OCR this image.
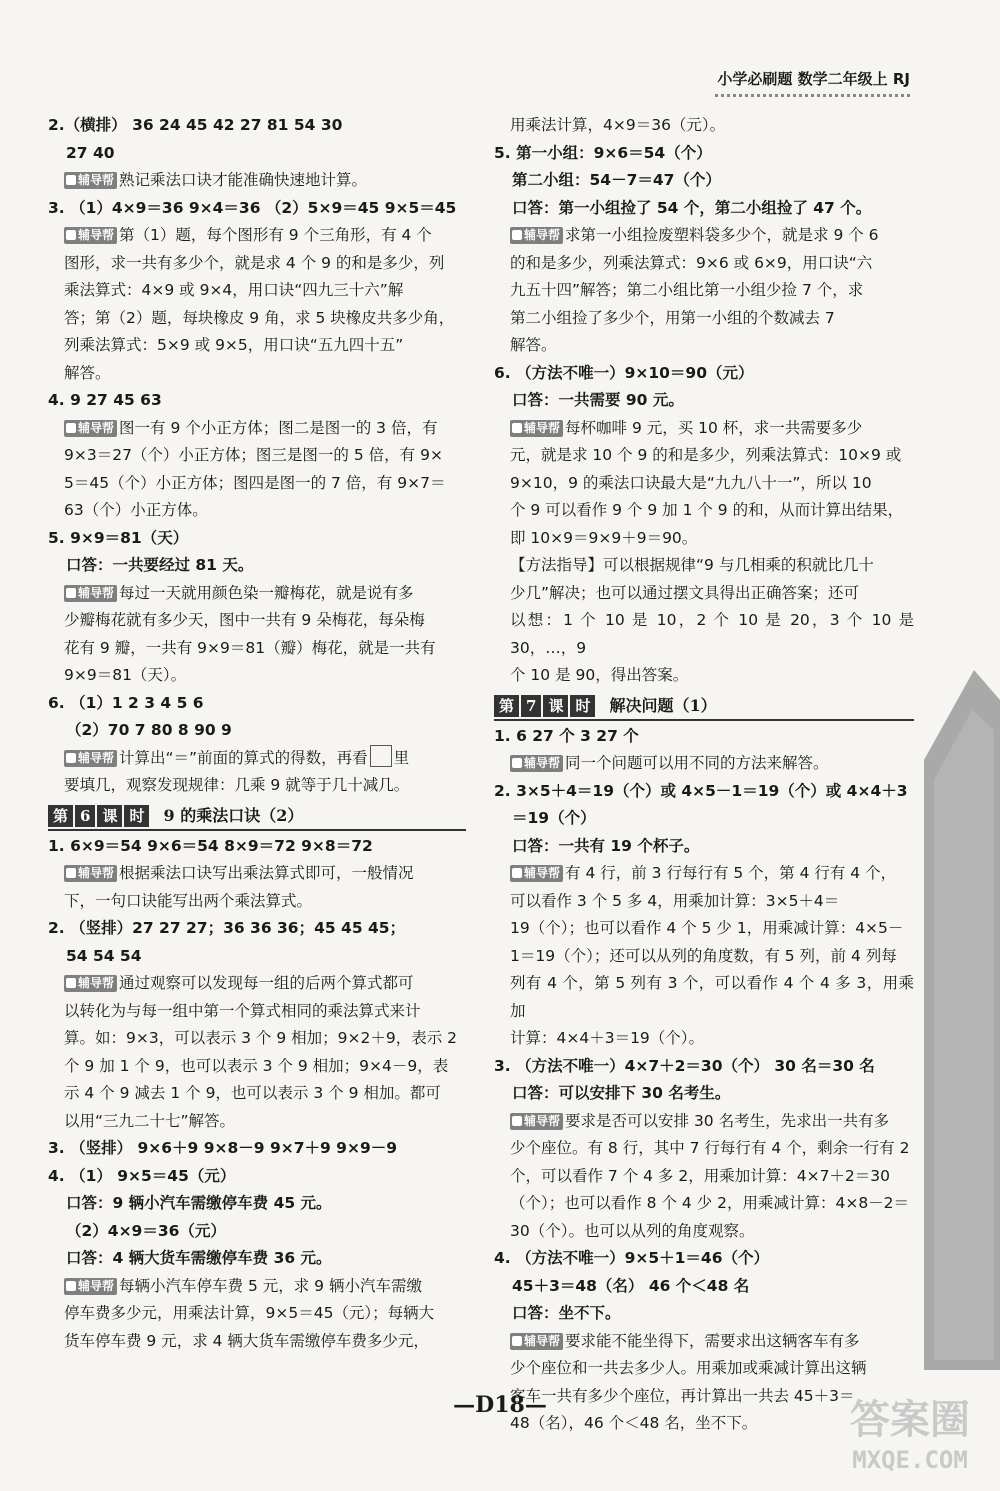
小学必刷题 数学二年级上 RJ
2.（横排） 36 24 45 42 27 81 54 30
27 40
辅导帮 熟记乘法口诀才能准确快速地计算。
3. （1）4×9＝36 9×4＝36 （2）5×9＝45 9×5＝45
辅导帮 第（1）题，每个图形有 9 个三角形，有 4 个
图形，求一共有多少个，就是求 4 个 9 的和是多少，列
乘法算式：4×9 或 9×4，用口诀“四九三十六”解
答；第（2）题，每块橡皮 9 角，求 5 块橡皮共多少角，
列乘法算式：5×9 或 9×5，用口诀“五九四十五”
解答。
4. 9 27 45 63
辅导帮 图一有 9 个小正方体；图二是图一的 3 倍，有
9×3＝27（个）小正方体；图三是图一的 5 倍，有 9×
5＝45（个）小正方体；图四是图一的 7 倍，有 9×7＝
63（个）小正方体。
5. 9×9＝81（天）
口答：一共要经过 81 天。
辅导帮 每过一天就用颜色染一瓣梅花，就是说有多
少瓣梅花就有多少天，图中一共有 9 朵梅花，每朵梅
花有 9 瓣，一共有 9×9＝81（瓣）梅花，就是一共有
9×9＝81（天）。
6. （1）1 2 3 4 5 6
（2）70 7 80 8 90 9
辅导帮 计算出“＝”前面的算式的得数，再看 里
要填几，观察发现规律：几乘 9 就等于几十减几。
第 6 课 时	9 的乘法口诀（2）
1. 6×9＝54 9×6＝54 8×9＝72 9×8＝72
辅导帮 根据乘法口诀写出乘法算式即可，一般情况
下，一句口诀能写出两个乘法算式。
2. （竖排）27 27 27；36 36 36；45 45 45；
54 54 54
辅导帮 通过观察可以发现每一组的后两个算式都可
以转化为与每一组中第一个算式相同的乘法算式来计
算。如：9×3，可以表示 3 个 9 相加；9×2＋9，表示 2
个 9 加 1 个 9，也可以表示 3 个 9 相加；9×4－9，表
示 4 个 9 减去 1 个 9，也可以表示 3 个 9 相加。都可
以用“三九二十七”解答。
3. （竖排） 9×6＋9 9×8－9 9×7＋9 9×9－9
4. （1） 9×5＝45（元）
口答：9 辆小汽车需缴停车费 45 元。
（2）4×9＝36（元）
口答：4 辆大货车需缴停车费 36 元。
辅导帮 每辆小汽车停车费 5 元，求 9 辆小汽车需缴
停车费多少元，用乘法计算，9×5＝45（元）；每辆大
货车停车费 9 元，求 4 辆大货车需缴停车费多少元，
用乘法计算，4×9＝36（元）。
5. 第一小组：9×6＝54（个）
第二小组：54－7＝47（个）
口答：第一小组捡了 54 个，第二小组捡了 47 个。
辅导帮 求第一小组捡废塑料袋多少个，就是求 9 个 6
的和是多少，列乘法算式：9×6 或 6×9，用口诀“六
九五十四”解答；第二小组比第一小组少捡 7 个，求
第二小组捡了多少个，用第一小组的个数减去 7
解答。
6. （方法不唯一）9×10＝90（元）
口答：一共需要 90 元。
辅导帮 每杯咖啡 9 元，买 10 杯，求一共需要多少
元，就是求 10 个 9 的和是多少，列乘法算式：10×9 或
9×10，9 的乘法口诀最大是“九九八十一”，所以 10
个 9 可以看作 9 个 9 加 1 个 9 的和，从而计算出结果，
即 10×9＝9×9＋9＝90。
【方法指导】可以根据规律“9 与几相乘的积就比几十
少几”解决；也可以通过摆文具得出正确答案；还可
以想：1 个 10 是 10，2 个 10 是 20，3 个 10 是 30，…，9
个 10 是 90，得出答案。
第 7 课 时	解决问题（1）
1. 6 27 个 3 27 个
辅导帮 同一个问题可以用不同的方法来解答。
2. 3×5＋4＝19（个）或 4×5－1＝19（个）或 4×4＋3
＝19（个）
口答：一共有 19 个杯子。
辅导帮 有 4 行，前 3 行每行有 5 个，第 4 行有 4 个，
可以看作 3 个 5 多 4，用乘加计算：3×5＋4＝
19（个）；也可以看作 4 个 5 少 1，用乘减计算：4×5－
1＝19（个）；还可以从列的角度数，有 5 列，前 4 列每
列有 4 个，第 5 列有 3 个，可以看作 4 个 4 多 3，用乘加
计算：4×4＋3＝19（个）。
3. （方法不唯一）4×7＋2＝30（个） 30 名＝30 名
口答：可以安排下 30 名考生。
辅导帮 要求是否可以安排 30 名考生，先求出一共有多
少个座位。有 8 行，其中 7 行每行有 4 个，剩余一行有 2
个，可以看作 7 个 4 多 2，用乘加计算：4×7＋2＝30
（个）；也可以看作 8 个 4 少 2，用乘减计算：4×8－2＝
30（个）。也可以从列的角度观察。
4. （方法不唯一）9×5＋1＝46（个）
45＋3＝48（名） 46 个＜48 名
口答：坐不下。
辅导帮 要求能不能坐得下，需要求出这辆客车有多
少个座位和一共去多少人。用乘加或乘减计算出这辆
客车一共有多少个座位，再计算出一共去 45＋3＝
48（名），46 个＜48 名，坐不下。
—D18—	答案圈
MXQE.COM
